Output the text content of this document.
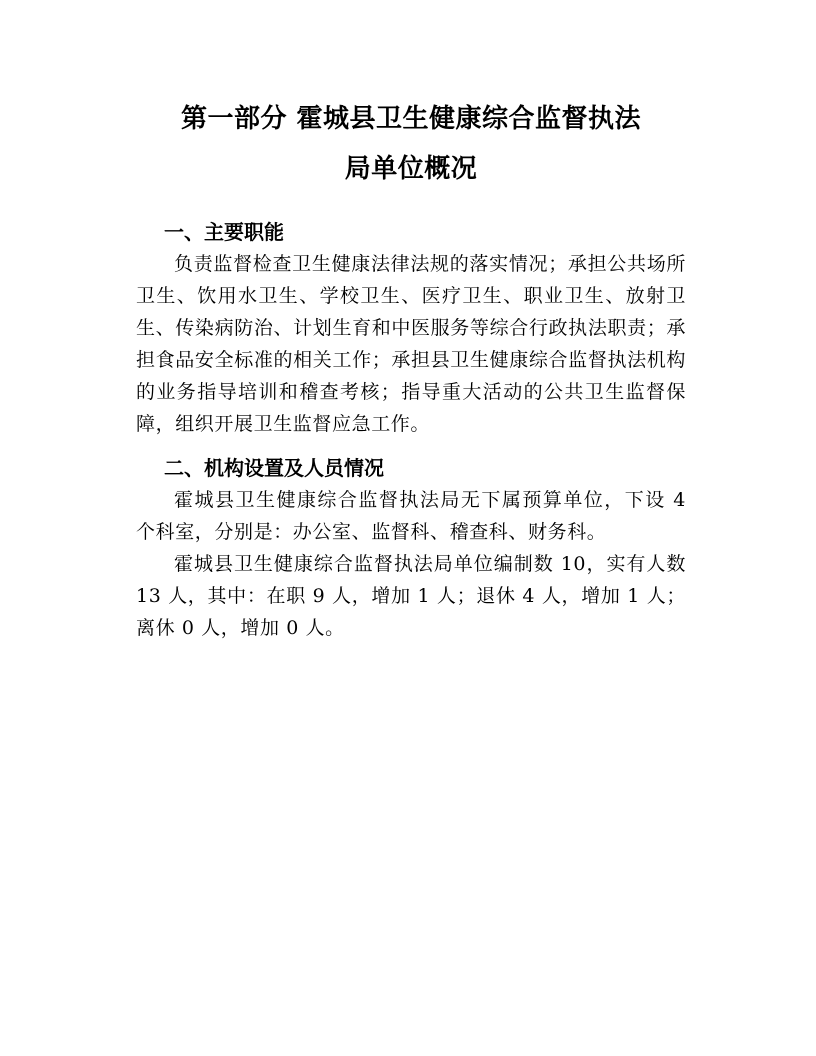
第一部分 霍城县卫生健康综合监督执法
局单位概况
一、主要职能

负责监督检查卫生健康法律法规的落实情况；承担公共场所卫生、饮用水卫生、学校卫生、医疗卫生、职业卫生、放射卫生、传染病防治、计划生育和中医服务等综合行政执法职责；承担食品安全标准的相关工作；承担县卫生健康综合监督执法机构的业务指导培训和稽查考核；指导重大活动的公共卫生监督保障，组织开展卫生监督应急工作。

二、机构设置及人员情况

霍城县卫生健康综合监督执法局无下属预算单位，下设 4 个科室，分别是：办公室、监督科、稽查科、财务科。

霍城县卫生健康综合监督执法局单位编制数 10，实有人数 13 人，其中：在职 9 人，增加 1 人；退休 4 人，增加 1 人；离休 0 人，增加 0 人。
